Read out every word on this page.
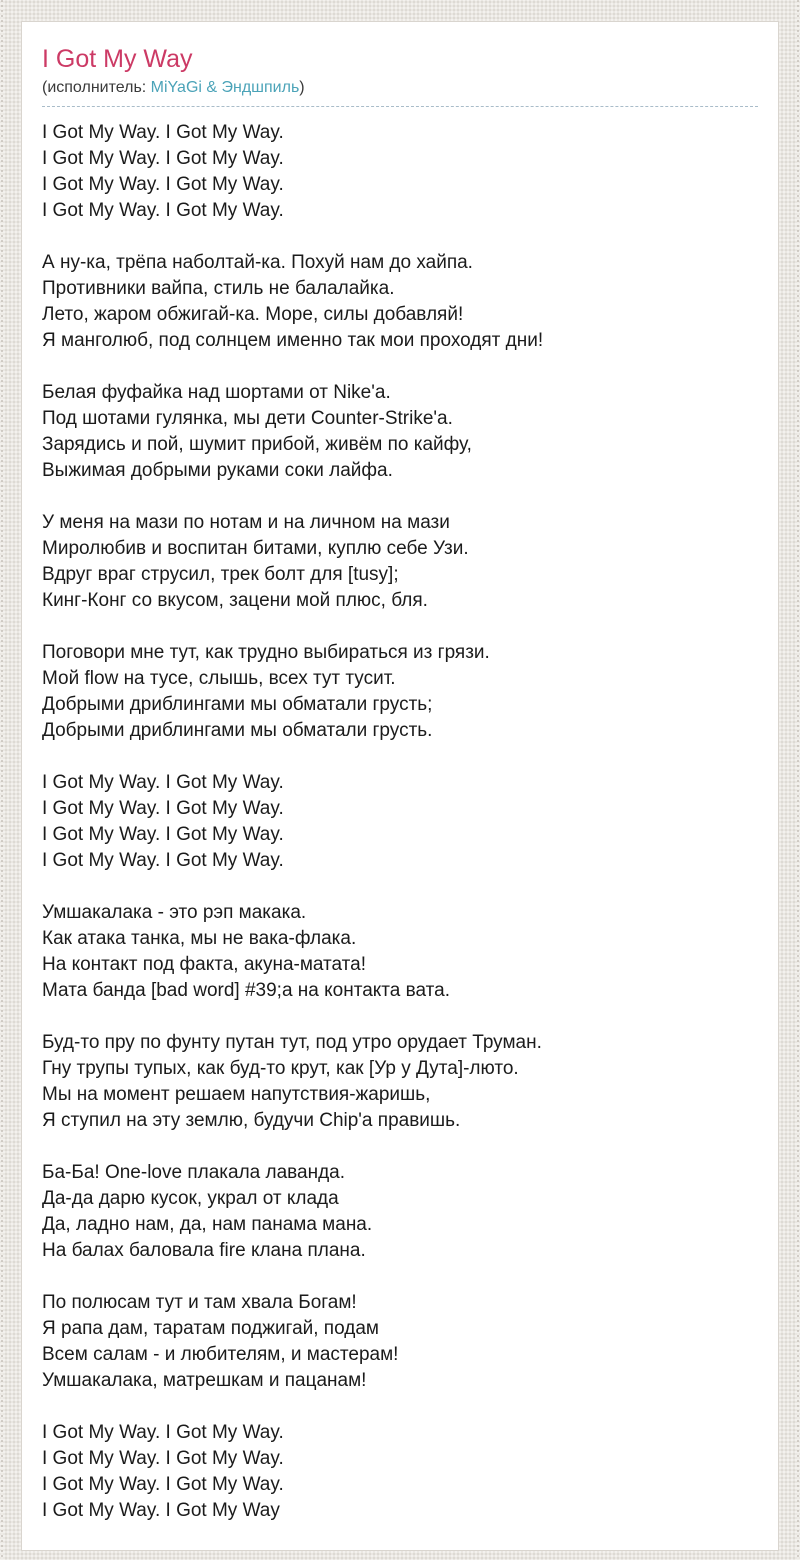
I Got My Way
(исполнитель: MiYaGi & Эндшпиль)

I Got My Way. I Got My Way.
I Got My Way. I Got My Way.
I Got My Way. I Got My Way.
I Got My Way. I Got My Way.

А ну-ка, трёпа наболтай-ка. Похуй нам до хайпа.
Противники вайпа, стиль не балалайка.
Лето, жаром обжигай-ка. Море, силы добавляй!
Я манголюб, под солнцем именно так мои проходят дни!

Белая фуфайка над шортами от Nike'а.
Под шотами гулянка, мы дети Counter-Strike'а.
Зарядись и пой, шумит прибой, живём по кайфу,
Выжимая добрыми руками соки лайфа.

У меня на мази по нотам и на личном на мази
Миролюбив и воспитан битами, куплю себе Узи.
Вдруг враг струсил, трек болт для [tusy];
Кинг-Конг со вкусом, зацени мой плюс, бля.

Поговори мне тут, как трудно выбираться из грязи.
Мой flow на тусе, слышь, всех тут тусит.
Добрыми дриблингами мы обматали грусть;
Добрыми дриблингами мы обматали грусть.

I Got My Way. I Got My Way.
I Got My Way. I Got My Way.
I Got My Way. I Got My Way.
I Got My Way. I Got My Way.

Умшакалака - это рэп макака.
Как атака танка, мы не вака-флака.
На контакт под факта, акуна-матата!
Мата банда [bad word] #39;а на контакта вата.

Буд-то пру по фунту путан тут, под утро орудает Труман.
Гну трупы тупых, как буд-то крут, как [Ур у Дута]-люто.
Мы на момент решаем напутствия-жаришь,
Я ступил на эту землю, будучи Chip'а правишь.

Ба-Ба! One-love плакала лаванда.
Да-да дарю кусок, украл от клада
Да, ладно нам, да, нам панама мана.
На балах баловала fire клана плана.

По полюсам тут и там хвала Богам!
Я рапа дам, таратам поджигай, подам
Всем салам - и любителям, и мастерам!
Умшакалака, матрешкам и пацанам!

I Got My Way. I Got My Way.
I Got My Way. I Got My Way.
I Got My Way. I Got My Way.
I Got My Way. I Got My Way
